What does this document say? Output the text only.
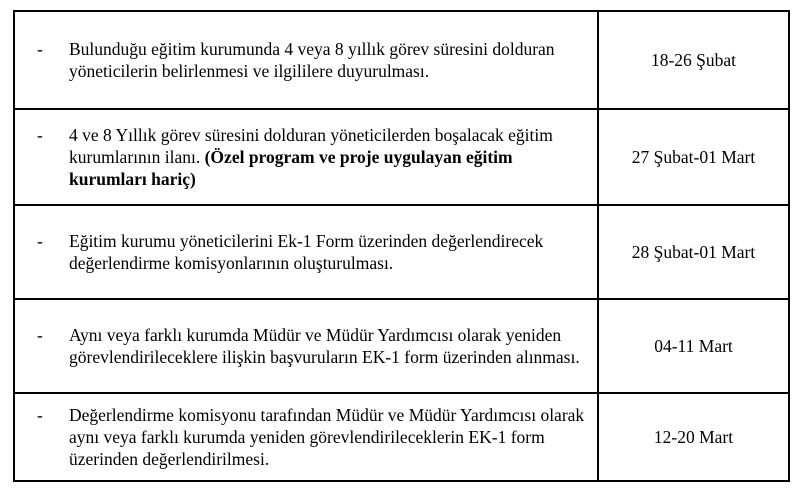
- Bulunduğu eğitim kurumunda 4 veya 8 yıllık görev süresini dolduran yöneticilerin belirlenmesi ve ilgililere duyurulması.	18-26 Şubat

- 4 ve 8 Yıllık görev süresini dolduran yöneticilerden boşalacak eğitim kurumlarının ilanı. (Özel program ve proje uygulayan eğitim kurumları hariç)	27 Şubat-01 Mart

- Eğitim kurumu yöneticilerini Ek-1 Form üzerinden değerlendirecek değerlendirme komisyonlarının oluşturulması.	28 Şubat-01 Mart

- Aynı veya farklı kurumda Müdür ve Müdür Yardımcısı olarak yeniden görevlendirileceklere ilişkin başvuruların EK-1 form üzerinden alınması.	04-11 Mart

- Değerlendirme komisyonu tarafından Müdür ve Müdür Yardımcısı olarak aynı veya farklı kurumda yeniden görevlendirileceklerin EK-1 form üzerinden değerlendirilmesi.	12-20 Mart
